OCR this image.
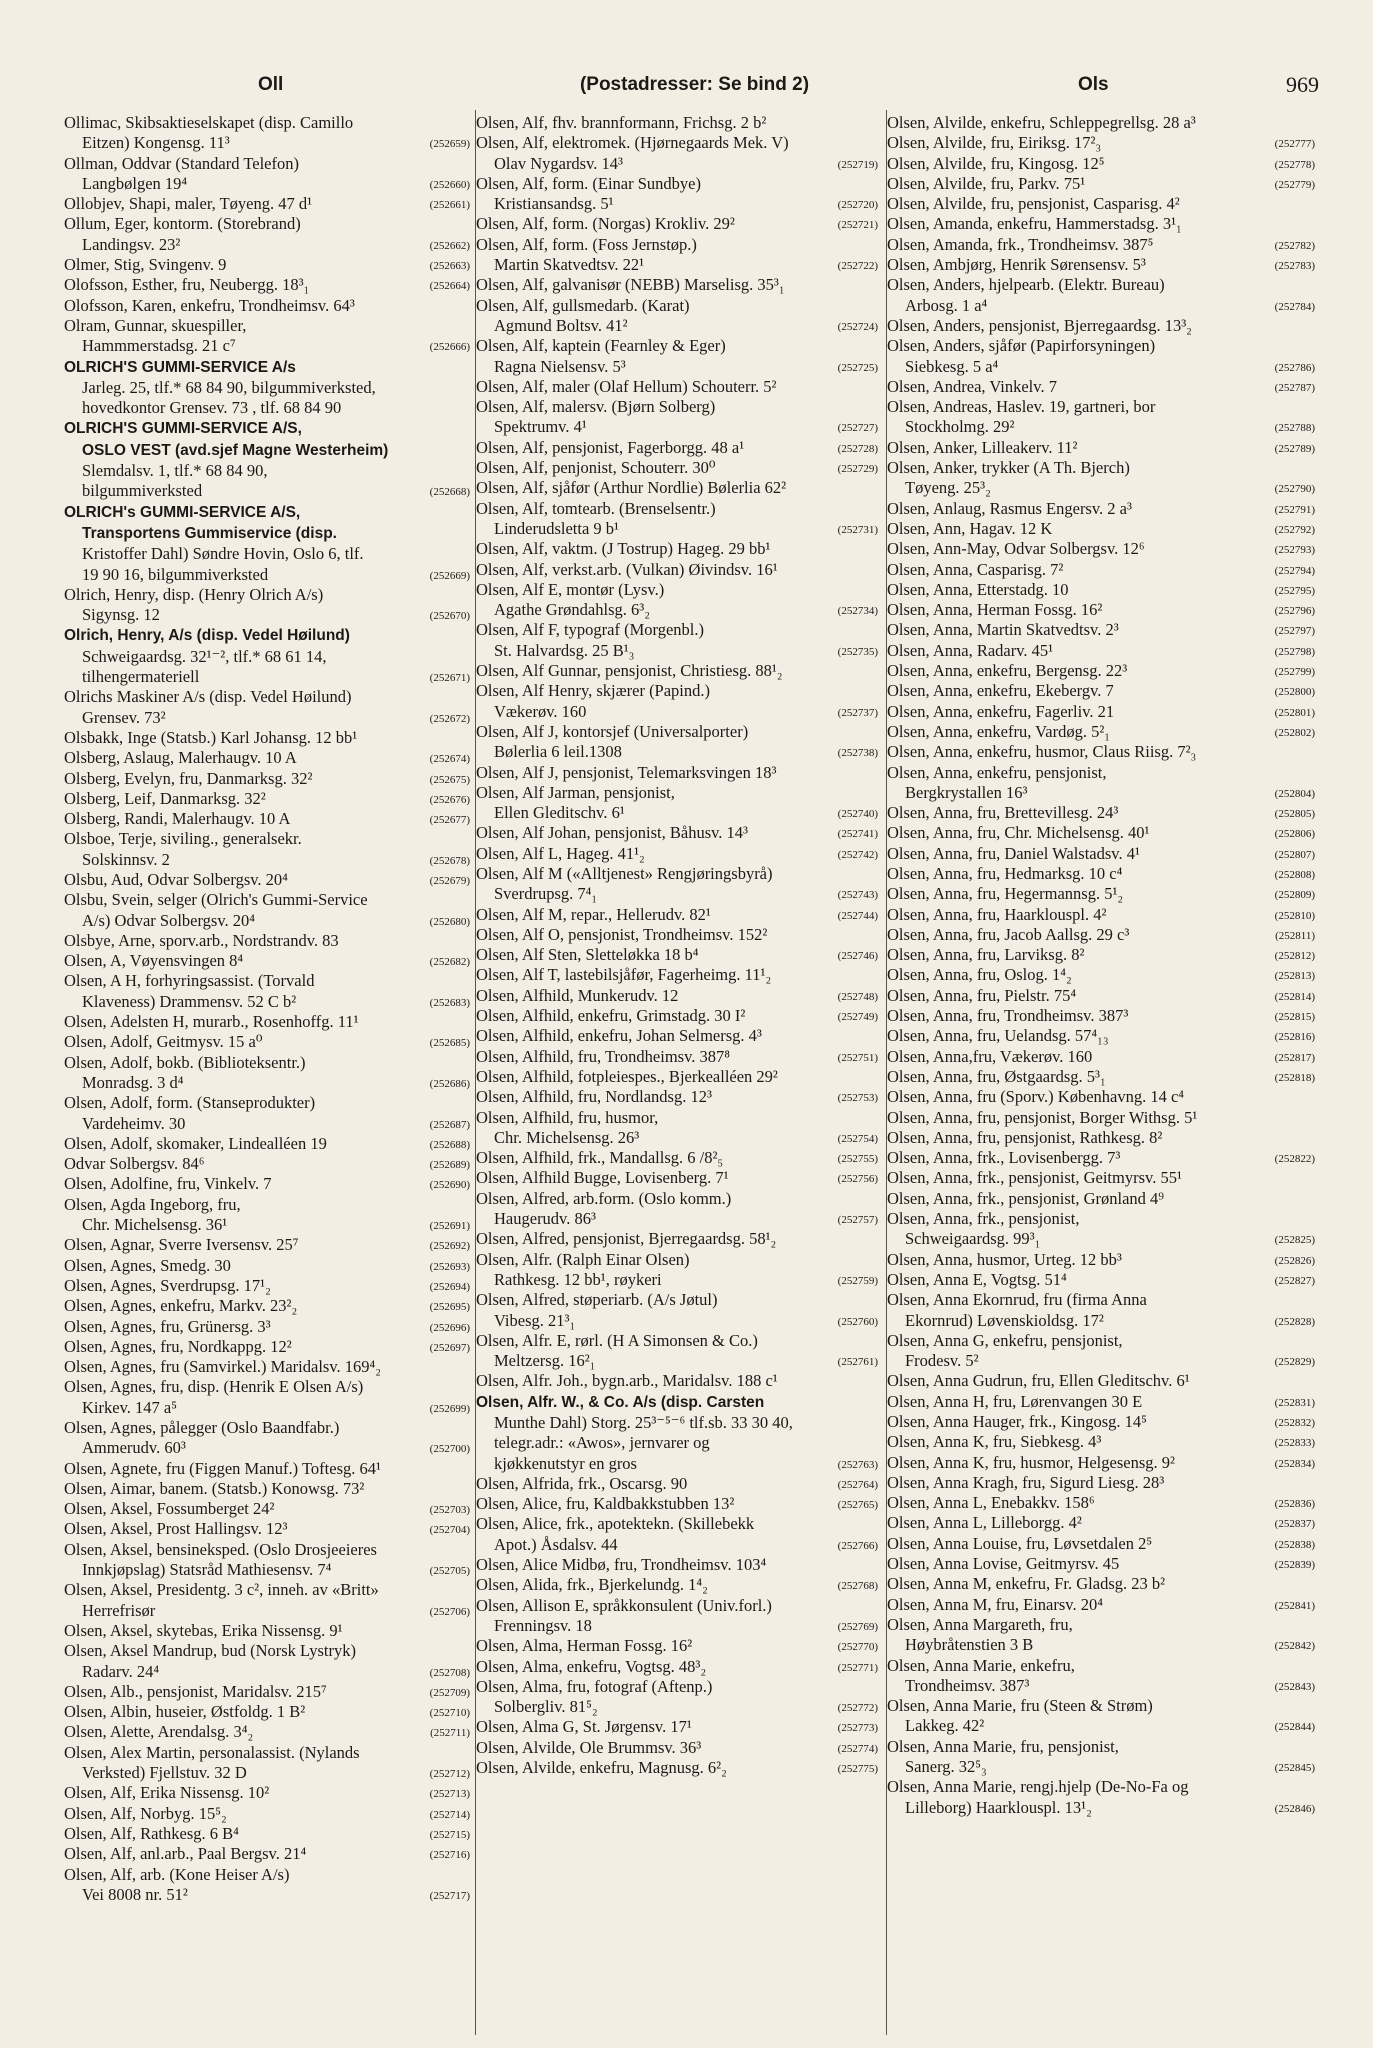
Oll	(Postadresser: Se bind 2)	Ols	969
Ollimac, Skibsaktieselskapet (disp. Camillo
Eitzen) Kongensg. 11³	(252659)
Ollman, Oddvar (Standard Telefon)
Langbølgen 19⁴	(252660)
Ollobjev, Shapi, maler, Tøyeng. 47 d¹	(252661)
Ollum, Eger, kontorm. (Storebrand)
Landingsv. 23²	(252662)
Olmer, Stig, Svingenv. 9	(252663)
Olofsson, Esther, fru, Neubergg. 18³₁	(252664)
Olofsson, Karen, enkefru, Trondheimsv. 64³
Olram, Gunnar, skuespiller,
Hammmerstadsg. 21 c⁷	(252666)
OLRICH'S GUMMI-SERVICE A/s
Jarleg. 25, tlf.* 68 84 90, bilgummiverksted,
hovedkontor Grensev. 73 , tlf. 68 84 90
OLRICH'S GUMMI-SERVICE A/S,
OSLO VEST (avd.sjef Magne Westerheim)
Slemdalsv. 1, tlf.* 68 84 90,
bilgummiverksted	(252668)
OLRICH's GUMMI-SERVICE A/S,
Transportens Gummiservice (disp.
Kristoffer Dahl) Søndre Hovin, Oslo 6, tlf.
19 90 16, bilgummiverksted	(252669)
Olrich, Henry, disp. (Henry Olrich A/s)
Sigynsg. 12	(252670)
Olrich, Henry, A/s (disp. Vedel Høilund)
Schweigaardsg. 32¹⁻², tlf.* 68 61 14,
tilhengermateriell	(252671)
Olrichs Maskiner A/s (disp. Vedel Høilund)
Grensev. 73²	(252672)
Olsbakk, Inge (Statsb.) Karl Johansg. 12 bb¹
Olsberg, Aslaug, Malerhaugv. 10 A	(252674)
Olsberg, Evelyn, fru, Danmarksg. 32²	(252675)
Olsberg, Leif, Danmarksg. 32²	(252676)
Olsberg, Randi, Malerhaugv. 10 A	(252677)
Olsboe, Terje, siviling., generalsekr.
Solskinnsv. 2	(252678)
Olsbu, Aud, Odvar Solbergsv. 20⁴	(252679)
Olsbu, Svein, selger (Olrich's Gummi-Service
A/s) Odvar Solbergsv. 20⁴	(252680)
Olsbye, Arne, sporv.arb., Nordstrandv. 83
Olsen, A, Vøyensvingen 8⁴	(252682)
Olsen, A H, forhyringsassist. (Torvald
Klaveness) Drammensv. 52 C b²	(252683)
Olsen, Adelsten H, murarb., Rosenhoffg. 11¹
Olsen, Adolf, Geitmysv. 15 a⁰	(252685)
Olsen, Adolf, bokb. (Biblioteksentr.)
Monradsg. 3 d⁴	(252686)
Olsen, Adolf, form. (Stanseprodukter)
Vardeheimv. 30	(252687)
Olsen, Adolf, skomaker, Lindealléen 19	(252688)
Odvar Solbergsv. 84⁶	(252689)
Olsen, Adolfine, fru, Vinkelv. 7	(252690)
Olsen, Agda Ingeborg, fru,
Chr. Michelsensg. 36¹	(252691)
Olsen, Agnar, Sverre Iversensv. 25⁷	(252692)
Olsen, Agnes, Smedg. 30	(252693)
Olsen, Agnes, Sverdrupsg. 17¹₂	(252694)
Olsen, Agnes, enkefru, Markv. 23²₂	(252695)
Olsen, Agnes, fru, Grünersg. 3³	(252696)
Olsen, Agnes, fru, Nordkappg. 12²	(252697)
Olsen, Agnes, fru (Samvirkel.) Maridalsv. 169⁴₂
Olsen, Agnes, fru, disp. (Henrik E Olsen A/s)
Kirkev. 147 a⁵	(252699)
Olsen, Agnes, pålegger (Oslo Baandfabr.)
Ammerudv. 60³	(252700)
Olsen, Agnete, fru (Figgen Manuf.) Toftesg. 64¹
Olsen, Aimar, banem. (Statsb.) Konowsg. 73²
Olsen, Aksel, Fossumberget 24²	(252703)
Olsen, Aksel, Prost Hallingsv. 12³	(252704)
Olsen, Aksel, bensineksped. (Oslo Drosjeeieres
Innkjøpslag) Statsråd Mathiesensv. 7⁴	(252705)
Olsen, Aksel, Presidentg. 3 c², inneh. av «Britt»
Herrefrisør	(252706)
Olsen, Aksel, skytebas, Erika Nissensg. 9¹
Olsen, Aksel Mandrup, bud (Norsk Lystryk)
Radarv. 24⁴	(252708)
Olsen, Alb., pensjonist, Maridalsv. 215⁷	(252709)
Olsen, Albin, huseier, Østfoldg. 1 B²	(252710)
Olsen, Alette, Arendalsg. 3⁴₂	(252711)
Olsen, Alex Martin, personalassist. (Nylands
Verksted) Fjellstuv. 32 D	(252712)
Olsen, Alf, Erika Nissensg. 10²	(252713)
Olsen, Alf, Norbyg. 15⁵₂	(252714)
Olsen, Alf, Rathkesg. 6 B⁴	(252715)
Olsen, Alf, anl.arb., Paal Bergsv. 21⁴	(252716)
Olsen, Alf, arb. (Kone Heiser A/s)
Vei 8008 nr. 51²	(252717)
Olsen, Alf, fhv. brannformann, Frichsg. 2 b²
Olsen, Alf, elektromek. (Hjørnegaards Mek. V)
Olav Nygardsv. 14³	(252719)
Olsen, Alf, form. (Einar Sundbye)
Kristiansandsg. 5¹	(252720)
Olsen, Alf, form. (Norgas) Krokliv. 29²	(252721)
Olsen, Alf, form. (Foss Jernstøp.)
Martin Skatvedtsv. 22¹	(252722)
Olsen, Alf, galvanisør (NEBB) Marselisg. 35³₁
Olsen, Alf, gullsmedarb. (Karat)
Agmund Boltsv. 41²	(252724)
Olsen, Alf, kaptein (Fearnley & Eger)
Ragna Nielsensv. 5³	(252725)
Olsen, Alf, maler (Olaf Hellum) Schouterr. 5²
Olsen, Alf, malersv. (Bjørn Solberg)
Spektrumv. 4¹	(252727)
Olsen, Alf, pensjonist, Fagerborgg. 48 a¹	(252728)
Olsen, Alf, penjonist, Schouterr. 30⁰	(252729)
Olsen, Alf, sjåfør (Arthur Nordlie) Bølerlia 62²
Olsen, Alf, tomtearb. (Brenselsentr.)
Linderudsletta 9 b¹	(252731)
Olsen, Alf, vaktm. (J Tostrup) Hageg. 29 bb¹
Olsen, Alf, verkst.arb. (Vulkan) Øivindsv. 16¹
Olsen, Alf E, montør (Lysv.)
Agathe Grøndahlsg. 6³₂	(252734)
Olsen, Alf F, typograf (Morgenbl.)
St. Halvardsg. 25 B¹₃	(252735)
Olsen, Alf Gunnar, pensjonist, Christiesg. 88¹₂
Olsen, Alf Henry, skjærer (Papind.)
Vækerøv. 160	(252737)
Olsen, Alf J, kontorsjef (Universalporter)
Bølerlia 6 leil.1308	(252738)
Olsen, Alf J, pensjonist, Telemarksvingen 18³
Olsen, Alf Jarman, pensjonist,
Ellen Gleditschv. 6¹	(252740)
Olsen, Alf Johan, pensjonist, Båhusv. 14³	(252741)
Olsen, Alf L, Hageg. 41¹₂	(252742)
Olsen, Alf M («Alltjenest» Rengjøringsbyrå)
Sverdrupsg. 7⁴₁	(252743)
Olsen, Alf M, repar., Hellerudv. 82¹	(252744)
Olsen, Alf O, pensjonist, Trondheimsv. 152²
Olsen, Alf Sten, Sletteløkka 18 b⁴	(252746)
Olsen, Alf T, lastebilsjåfør, Fagerheimg. 11¹₂
Olsen, Alfhild, Munkerudv. 12	(252748)
Olsen, Alfhild, enkefru, Grimstadg. 30 I²	(252749)
Olsen, Alfhild, enkefru, Johan Selmersg. 4³
Olsen, Alfhild, fru, Trondheimsv. 387⁸	(252751)
Olsen, Alfhild, fotpleiespes., Bjerkealléen 29²
Olsen, Alfhild, fru, Nordlandsg. 12³	(252753)
Olsen, Alfhild, fru, husmor,
Chr. Michelsensg. 26³	(252754)
Olsen, Alfhild, frk., Mandallsg. 6 /8²₅	(252755)
Olsen, Alfhild Bugge, Lovisenberg. 7¹	(252756)
Olsen, Alfred, arb.form. (Oslo komm.)
Haugerudv. 86³	(252757)
Olsen, Alfred, pensjonist, Bjerregaardsg. 58¹₂
Olsen, Alfr. (Ralph Einar Olsen)
Rathkesg. 12 bb¹, røykeri	(252759)
Olsen, Alfred, støperiarb. (A/s Jøtul)
Vibesg. 21³₁	(252760)
Olsen, Alfr. E, rørl. (H A Simonsen & Co.)
Meltzersg. 16²₁	(252761)
Olsen, Alfr. Joh., bygn.arb., Maridalsv. 188 c¹
Olsen, Alfr. W., & Co. A/s (disp. Carsten
Munthe Dahl) Storg. 25³⁻⁵⁻⁶ tlf.sb. 33 30 40,
telegr.adr.: «Awos», jernvarer og
kjøkkenutstyr en gros	(252763)
Olsen, Alfrida, frk., Oscarsg. 90	(252764)
Olsen, Alice, fru, Kaldbakkstubben 13²	(252765)
Olsen, Alice, frk., apotektekn. (Skillebekk
Apot.) Åsdalsv. 44	(252766)
Olsen, Alice Midbø, fru, Trondheimsv. 103⁴
Olsen, Alida, frk., Bjerkelundg. 1⁴₂	(252768)
Olsen, Allison E, språkkonsulent (Univ.forl.)
Frenningsv. 18	(252769)
Olsen, Alma, Herman Fossg. 16²	(252770)
Olsen, Alma, enkefru, Vogtsg. 48³₂	(252771)
Olsen, Alma, fru, fotograf (Aftenp.)
Solbergliv. 81⁵₂	(252772)
Olsen, Alma G, St. Jørgensv. 17¹	(252773)
Olsen, Alvilde, Ole Brummsv. 36³	(252774)
Olsen, Alvilde, enkefru, Magnusg. 6²₂	(252775)
Olsen, Alvilde, enkefru, Schleppegrellsg. 28 a³
Olsen, Alvilde, fru, Eiriksg. 17²₃	(252777)
Olsen, Alvilde, fru, Kingosg. 12⁵	(252778)
Olsen, Alvilde, fru, Parkv. 75¹	(252779)
Olsen, Alvilde, fru, pensjonist, Casparisg. 4²
Olsen, Amanda, enkefru, Hammerstadsg. 3¹₁
Olsen, Amanda, frk., Trondheimsv. 387⁵	(252782)
Olsen, Ambjørg, Henrik Sørensensv. 5³	(252783)
Olsen, Anders, hjelpearb. (Elektr. Bureau)
Arbosg. 1 a⁴	(252784)
Olsen, Anders, pensjonist, Bjerregaardsg. 13³₂
Olsen, Anders, sjåfør (Papirforsyningen)
Siebkesg. 5 a⁴	(252786)
Olsen, Andrea, Vinkelv. 7	(252787)
Olsen, Andreas, Haslev. 19, gartneri, bor
Stockholmg. 29²	(252788)
Olsen, Anker, Lilleakerv. 11²	(252789)
Olsen, Anker, trykker (A Th. Bjerch)
Tøyeng. 25³₂	(252790)
Olsen, Anlaug, Rasmus Engersv. 2 a³	(252791)
Olsen, Ann, Hagav. 12 K	(252792)
Olsen, Ann-May, Odvar Solbergsv. 12⁶	(252793)
Olsen, Anna, Casparisg. 7²	(252794)
Olsen, Anna, Etterstadg. 10	(252795)
Olsen, Anna, Herman Fossg. 16²	(252796)
Olsen, Anna, Martin Skatvedtsv. 2³	(252797)
Olsen, Anna, Radarv. 45¹	(252798)
Olsen, Anna, enkefru, Bergensg. 22³	(252799)
Olsen, Anna, enkefru, Ekebergv. 7	(252800)
Olsen, Anna, enkefru, Fagerliv. 21	(252801)
Olsen, Anna, enkefru, Vardøg. 5²₁	(252802)
Olsen, Anna, enkefru, husmor, Claus Riisg. 7²₃
Olsen, Anna, enkefru, pensjonist,
Bergkrystallen 16³	(252804)
Olsen, Anna, fru, Brettevillesg. 24³	(252805)
Olsen, Anna, fru, Chr. Michelsensg. 40¹	(252806)
Olsen, Anna, fru, Daniel Walstadsv. 4¹	(252807)
Olsen, Anna, fru, Hedmarksg. 10 c⁴	(252808)
Olsen, Anna, fru, Hegermannsg. 5¹₂	(252809)
Olsen, Anna, fru, Haarklouspl. 4²	(252810)
Olsen, Anna, fru, Jacob Aallsg. 29 c³	(252811)
Olsen, Anna, fru, Larviksg. 8²	(252812)
Olsen, Anna, fru, Oslog. 1⁴₂	(252813)
Olsen, Anna, fru, Pielstr. 75⁴	(252814)
Olsen, Anna, fru, Trondheimsv. 387³	(252815)
Olsen, Anna, fru, Uelandsg. 57⁴₁₃	(252816)
Olsen, Anna,fru, Vækerøv. 160	(252817)
Olsen, Anna, fru, Østgaardsg. 5³₁	(252818)
Olsen, Anna, fru (Sporv.) Københavng. 14 c⁴
Olsen, Anna, fru, pensjonist, Borger Withsg. 5¹
Olsen, Anna, fru, pensjonist, Rathkesg. 8²
Olsen, Anna, frk., Lovisenbergg. 7³	(252822)
Olsen, Anna, frk., pensjonist, Geitmyrsv. 55¹
Olsen, Anna, frk., pensjonist, Grønland 4⁹
Olsen, Anna, frk., pensjonist,
Schweigaardsg. 99³₁	(252825)
Olsen, Anna, husmor, Urteg. 12 bb³	(252826)
Olsen, Anna E, Vogtsg. 51⁴	(252827)
Olsen, Anna Ekornrud, fru (firma Anna
Ekornrud) Løvenskioldsg. 17²	(252828)
Olsen, Anna G, enkefru, pensjonist,
Frodesv. 5²	(252829)
Olsen, Anna Gudrun, fru, Ellen Gleditschv. 6¹
Olsen, Anna H, fru, Lørenvangen 30 E	(252831)
Olsen, Anna Hauger, frk., Kingosg. 14⁵	(252832)
Olsen, Anna K, fru, Siebkesg. 4³	(252833)
Olsen, Anna K, fru, husmor, Helgesensg. 9²	(252834)
Olsen, Anna Kragh, fru, Sigurd Liesg. 28³
Olsen, Anna L, Enebakkv. 158⁶	(252836)
Olsen, Anna L, Lilleborgg. 4²	(252837)
Olsen, Anna Louise, fru, Løvsetdalen 2⁵	(252838)
Olsen, Anna Lovise, Geitmyrsv. 45	(252839)
Olsen, Anna M, enkefru, Fr. Gladsg. 23 b²
Olsen, Anna M, fru, Einarsv. 20⁴	(252841)
Olsen, Anna Margareth, fru,
Høybråtenstien 3 B	(252842)
Olsen, Anna Marie, enkefru,
Trondheimsv. 387³	(252843)
Olsen, Anna Marie, fru (Steen & Strøm)
Lakkeg. 42²	(252844)
Olsen, Anna Marie, fru, pensjonist,
Sanerg. 32⁵₃	(252845)
Olsen, Anna Marie, rengj.hjelp (De-No-Fa og
Lilleborg) Haarklouspl. 13¹₂	(252846)
